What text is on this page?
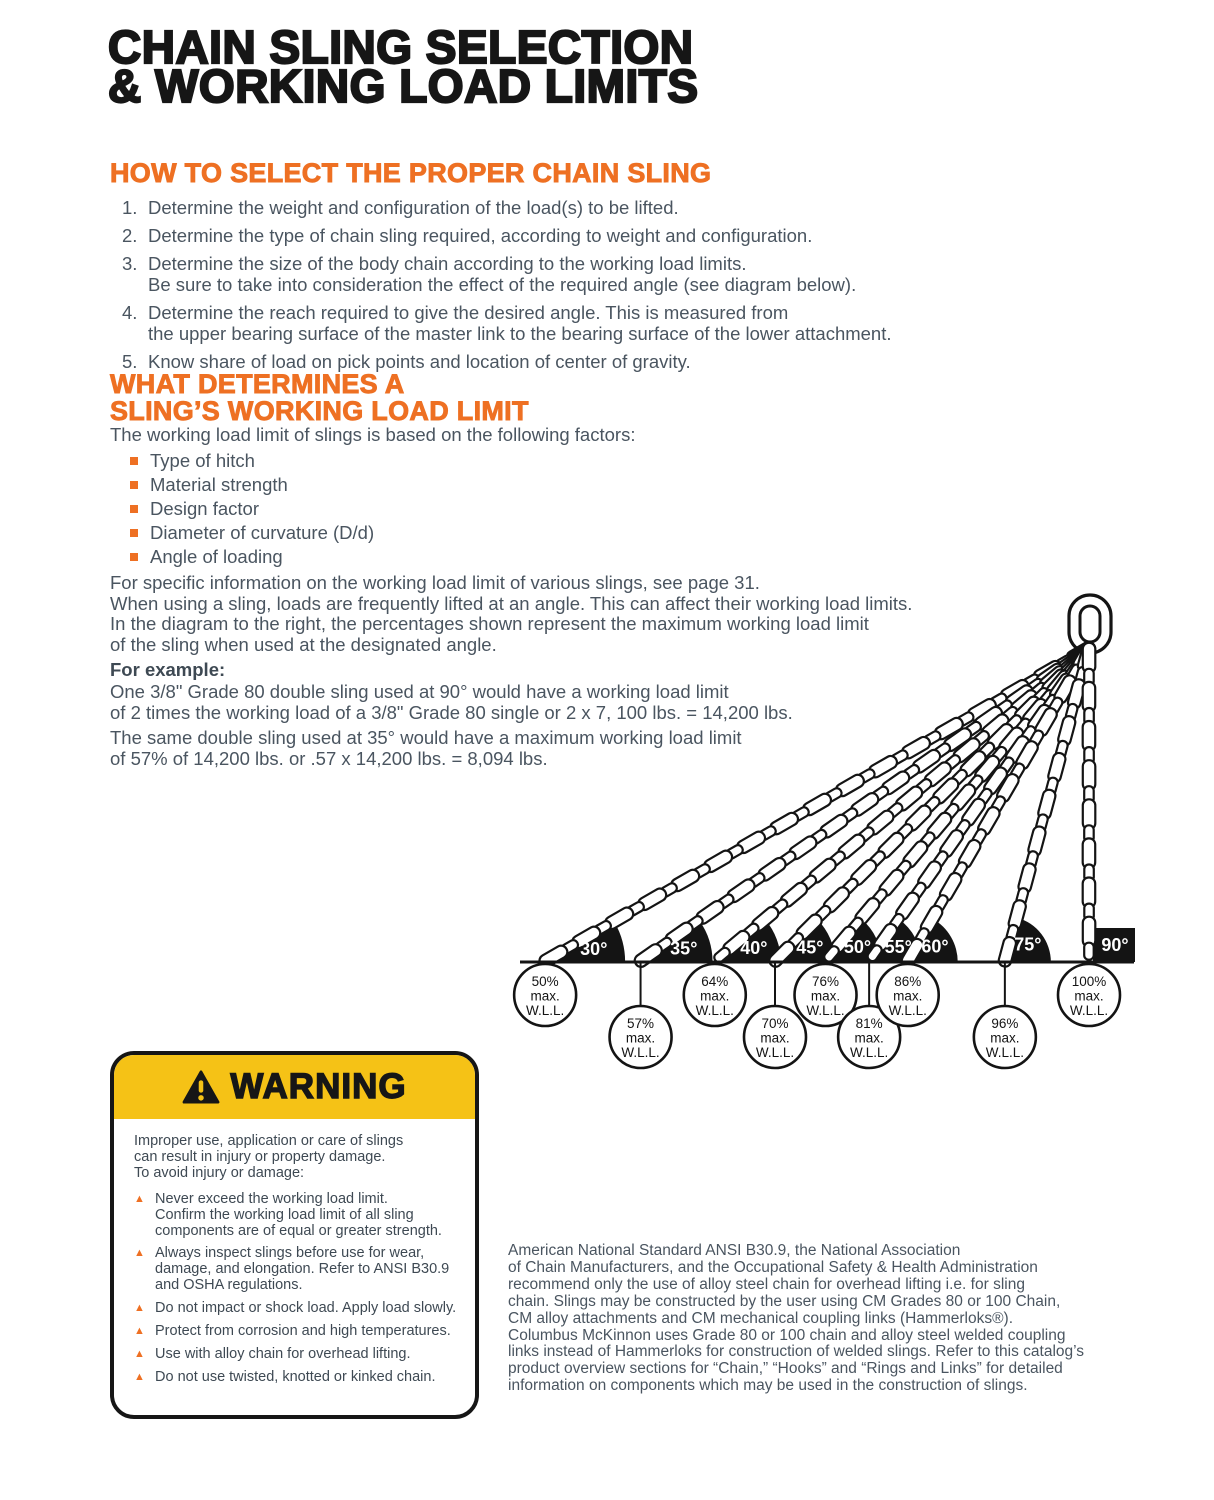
CHAIN SLING SELECTION
& WORKING LOAD LIMITS
HOW TO SELECT THE PROPER CHAIN SLING
1. Determine the weight and configuration of the load(s) to be lifted.
2. Determine the type of chain sling required, according to weight and configuration.
3. Determine the size of the body chain according to the working load limits.
Be sure to take into consideration the effect of the required angle (see diagram below).
4. Determine the reach required to give the desired angle. This is measured from
the upper bearing surface of the master link to the bearing surface of the lower attachment.
5. Know share of load on pick points and location of center of gravity.
WHAT DETERMINES A
SLING’S WORKING LOAD LIMIT
The working load limit of slings is based on the following factors:
Type of hitch
Material strength
Design factor
Diameter of curvature (D/d)
Angle of loading
For specific information on the working load limit of various slings, see page 31.
When using a sling, loads are frequently lifted at an angle. This can affect their working load limits.
In the diagram to the right, the percentages shown represent the maximum working load limit
of the sling when used at the designated angle.
For example:
One 3/8" Grade 80 double sling used at 90° would have a working load limit
of 2 times the working load of a 3/8" Grade 80 single or 2 x 7, 100 lbs. = 14,200 lbs.
The same double sling used at 35° would have a maximum working load limit
of 57% of 14,200 lbs. or .57 x 14,200 lbs. = 8,094 lbs.
30°	35° 40° 45° 50° 55° 60°	75°	90°
50%
max.
W.L.L.
57%
max.
W.L.L.
64%
max.
W.L.L.
70%
max.
W.L.L.
76%
max.
W.L.L.
81%
max.
W.L.L.
86%
max.
W.L.L.
96%
max.
W.L.L.
100%
max.
W.L.L.
WARNING
Improper use, application or care of slings
can result in injury or property damage.
To avoid injury or damage:
▲ Never exceed the working load limit.
Confirm the working load limit of all sling
components are of equal or greater strength.
▲ Always inspect slings before use for wear,
damage, and elongation. Refer to ANSI B30.9
and OSHA regulations.
▲ Do not impact or shock load. Apply load slowly.
▲ Protect from corrosion and high temperatures.
▲ Use with alloy chain for overhead lifting.
▲ Do not use twisted, knotted or kinked chain.
American National Standard ANSI B30.9, the National Association
of Chain Manufacturers, and the Occupational Safety & Health Administration
recommend only the use of alloy steel chain for overhead lifting i.e. for sling
chain. Slings may be constructed by the user using CM Grades 80 or 100 Chain,
CM alloy attachments and CM mechanical coupling links (Hammerloks®).
Columbus McKinnon uses Grade 80 or 100 chain and alloy steel welded coupling
links instead of Hammerloks for construction of welded slings. Refer to this catalog’s
product overview sections for “Chain,” “Hooks” and “Rings and Links” for detailed
information on components which may be used in the construction of slings.
